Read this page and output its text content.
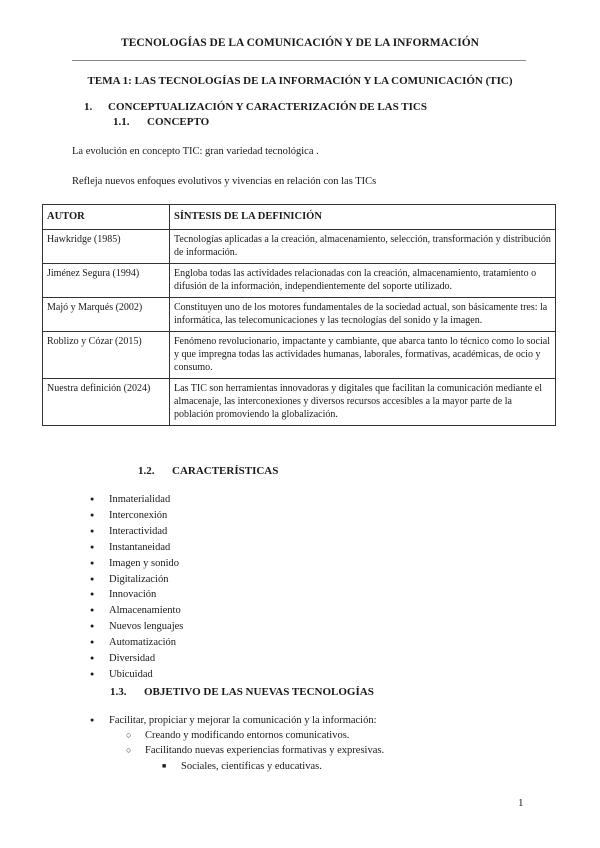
TECNOLOGÍAS DE LA COMUNICACIÓN Y DE LA INFORMACIÓN
TEMA 1: LAS TECNOLOGÍAS DE LA INFORMACIÓN Y LA COMUNICACIÓN (TIC)
1. CONCEPTUALIZACIÓN Y CARACTERIZACIÓN DE LAS TICS
1.1. CONCEPTO
La evolución en concepto TIC: gran variedad tecnológica .
Refleja nuevos enfoques evolutivos y vivencias en relación con las TICs
AUTOR	SÍNTESIS DE LA DEFINICIÓN
Hawkridge (1985)	Tecnologías aplicadas a la creación, almacenamiento, selección, transformación y distribución de información.
Jiménez Segura (1994)	Engloba todas las actividades relacionadas con la creación, almacenamiento, tratamiento o difusión de la información, independientemente del soporte utilizado.
Majó y Marqués (2002)	Constituyen uno de los motores fundamentales de la sociedad actual, son básicamente tres: la informática, las telecomunicaciones y las tecnologías del sonido y la imagen.
Roblizo y Cózar (2015)	Fenómeno revolucionario, impactante y cambiante, que abarca tanto lo técnico como lo social y que impregna todas las actividades humanas, laborales, formativas, académicas, de ocio y consumo.
Nuestra definición (2024)	Las TIC son herramientas innovadoras y digitales que facilitan la comunicación mediante el almacenaje, las interconexiones y diversos recursos accesibles a la mayor parte de la población promoviendo la globalización.
1.2. CARACTERÍSTICAS
● Inmaterialidad
● Interconexión
● Interactividad
● Instantaneidad
● Imagen y sonido
● Digitalización
● Innovación
● Almacenamiento
● Nuevos lenguajes
● Automatización
● Diversidad
● Ubicuidad
1.3. OBJETIVO DE LAS NUEVAS TECNOLOGÍAS
● Facilitar, propiciar y mejorar la comunicación y la información:
○ Creando y modificando entornos comunicativos.
○ Facilitando nuevas experiencias formativas y expresivas.
■ Sociales, científicas y educativas.
1
